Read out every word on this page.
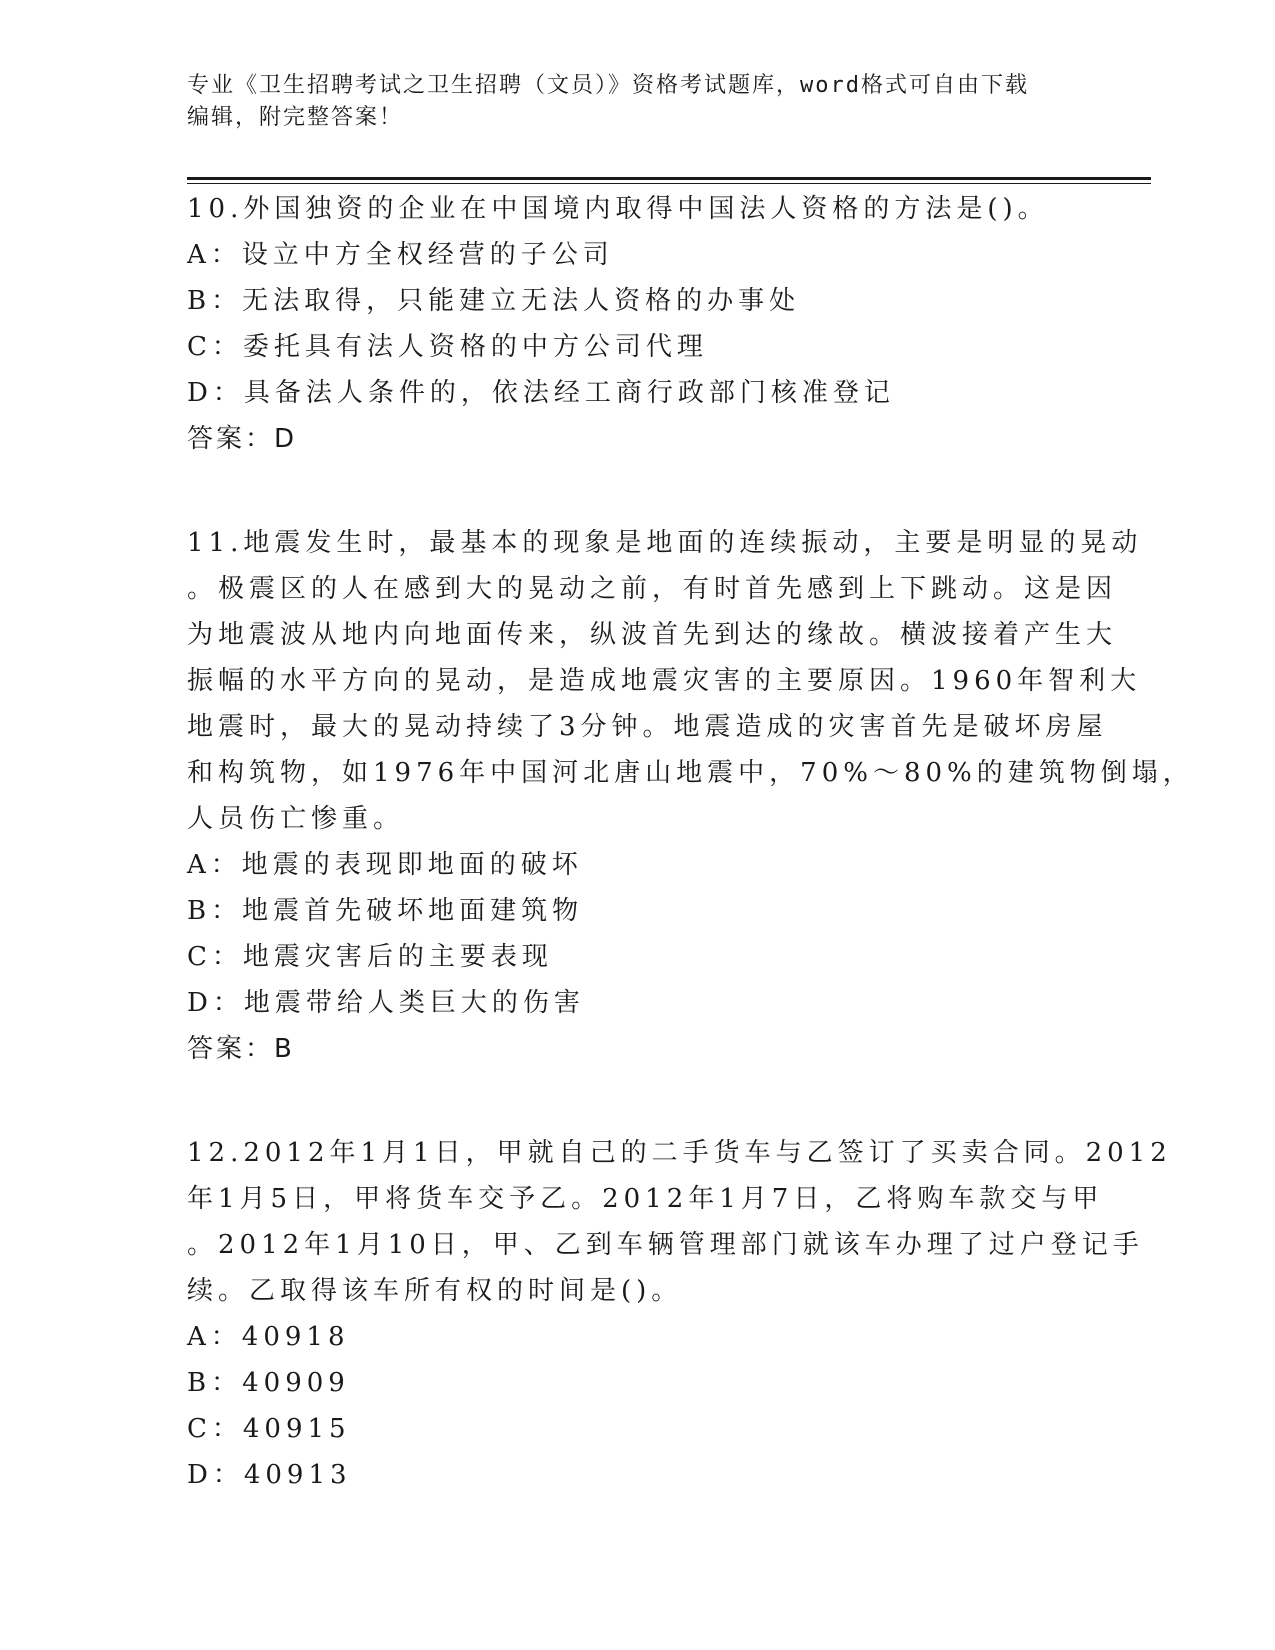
专业《卫生招聘考试之卫生招聘（文员）》资格考试题库，word格式可自由下载
编辑，附完整答案！
10.外国独资的企业在中国境内取得中国法人资格的方法是()。
A：设立中方全权经营的子公司
B：无法取得，只能建立无法人资格的办事处
C：委托具有法人资格的中方公司代理
D：具备法人条件的，依法经工商行政部门核准登记
答案：D
11.地震发生时，最基本的现象是地面的连续振动，主要是明显的晃动
。极震区的人在感到大的晃动之前，有时首先感到上下跳动。这是因
为地震波从地内向地面传来，纵波首先到达的缘故。横波接着产生大
振幅的水平方向的晃动，是造成地震灾害的主要原因。1960年智利大
地震时，最大的晃动持续了3分钟。地震造成的灾害首先是破坏房屋
和构筑物，如1976年中国河北唐山地震中，70%～80%的建筑物倒塌，
人员伤亡惨重。
A：地震的表现即地面的破坏
B：地震首先破坏地面建筑物
C：地震灾害后的主要表现
D：地震带给人类巨大的伤害
答案：B
12.2012年1月1日，甲就自己的二手货车与乙签订了买卖合同。2012
年1月5日，甲将货车交予乙。2012年1月7日，乙将购车款交与甲
。2012年1月10日，甲、乙到车辆管理部门就该车办理了过户登记手
续。乙取得该车所有权的时间是()。
A：40918
B：40909
C：40915
D：40913
